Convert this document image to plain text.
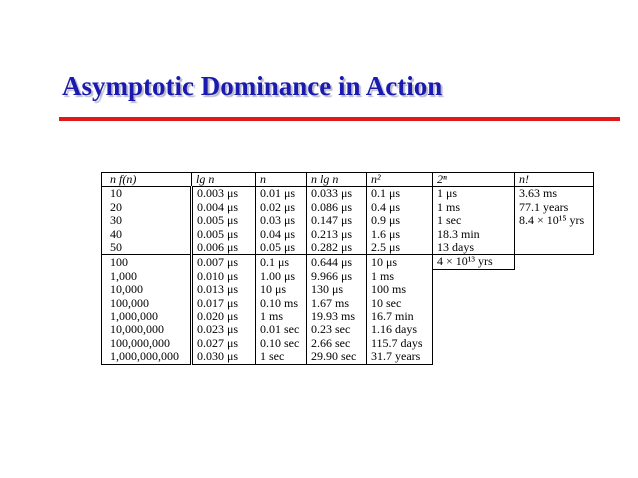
Asymptotic Dominance in Action
n f(n)	lg n	n	n lg n	n²	2ⁿ	n!
10	0.003 μs	0.01 μs	0.033 μs	0.1 μs	1 μs	3.63 ms
20	0.004 μs	0.02 μs	0.086 μs	0.4 μs	1 ms	77.1 years
30	0.005 μs	0.03 μs	0.147 μs	0.9 μs	1 sec	8.4 × 10¹⁵ yrs
40	0.005 μs	0.04 μs	0.213 μs	1.6 μs	18.3 min	
50	0.006 μs	0.05 μs	0.282 μs	2.5 μs	13 days	
100	0.007 μs	0.1 μs	0.644 μs	10 μs	4 × 10¹³ yrs	
1,000	0.010 μs	1.00 μs	9.966 μs	1 ms		
10,000	0.013 μs	10 μs	130 μs	100 ms		
100,000	0.017 μs	0.10 ms	1.67 ms	10 sec		
1,000,000	0.020 μs	1 ms	19.93 ms	16.7 min		
10,000,000	0.023 μs	0.01 sec	0.23 sec	1.16 days		
100,000,000	0.027 μs	0.10 sec	2.66 sec	115.7 days		
1,000,000,000	0.030 μs	1 sec	29.90 sec	31.7 years		
